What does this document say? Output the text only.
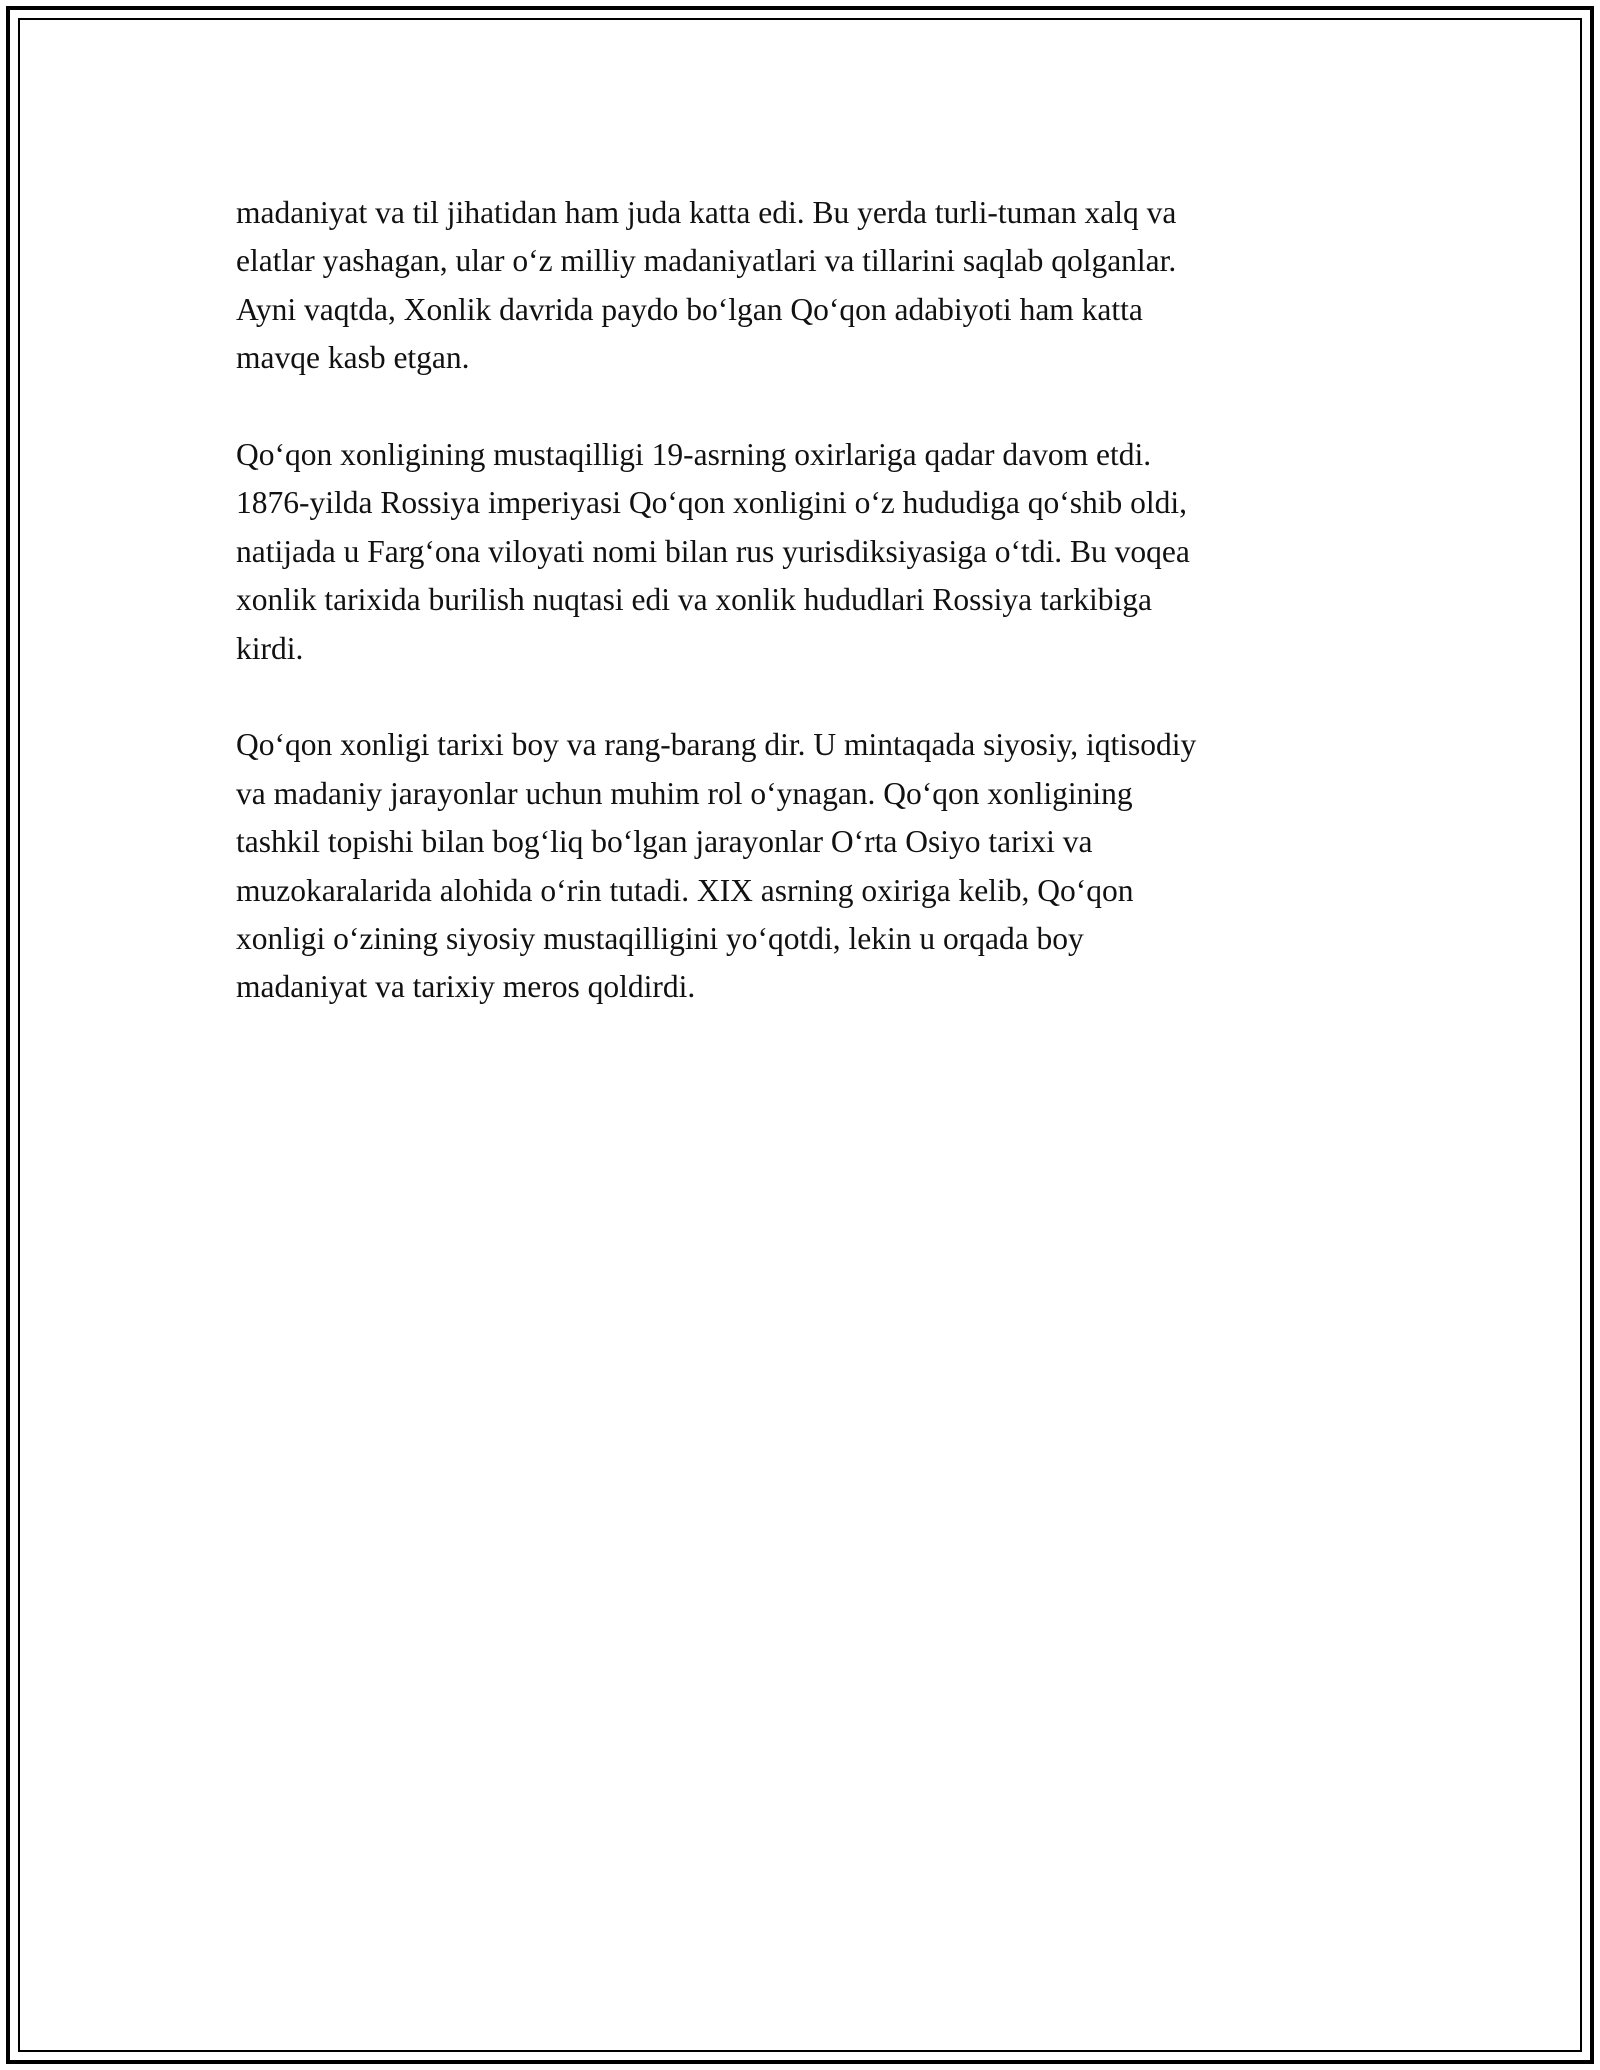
madaniyat va til jihatidan ham juda katta edi. Bu yerda turli-tuman xalq va
elatlar yashagan, ular o‘z milliy madaniyatlari va tillarini saqlab qolganlar.
Ayni vaqtda, Xonlik davrida paydo bo‘lgan Qo‘qon adabiyoti ham katta
mavqe kasb etgan.

Qo‘qon xonligining mustaqilligi 19-asrning oxirlariga qadar davom etdi.
1876-yilda Rossiya imperiyasi Qo‘qon xonligini o‘z hududiga qo‘shib oldi,
natijada u Farg‘ona viloyati nomi bilan rus yurisdiksiyasiga o‘tdi. Bu voqea
xonlik tarixida burilish nuqtasi edi va xonlik hududlari Rossiya tarkibiga
kirdi.

Qo‘qon xonligi tarixi boy va rang-barang dir. U mintaqada siyosiy, iqtisodiy
va madaniy jarayonlar uchun muhim rol o‘ynagan. Qo‘qon xonligining
tashkil topishi bilan bog‘liq bo‘lgan jarayonlar O‘rta Osiyo tarixi va
muzokaralarida alohida o‘rin tutadi. XIX asrning oxiriga kelib, Qo‘qon
xonligi o‘zining siyosiy mustaqilligini yo‘qotdi, lekin u orqada boy
madaniyat va tarixiy meros qoldirdi.
